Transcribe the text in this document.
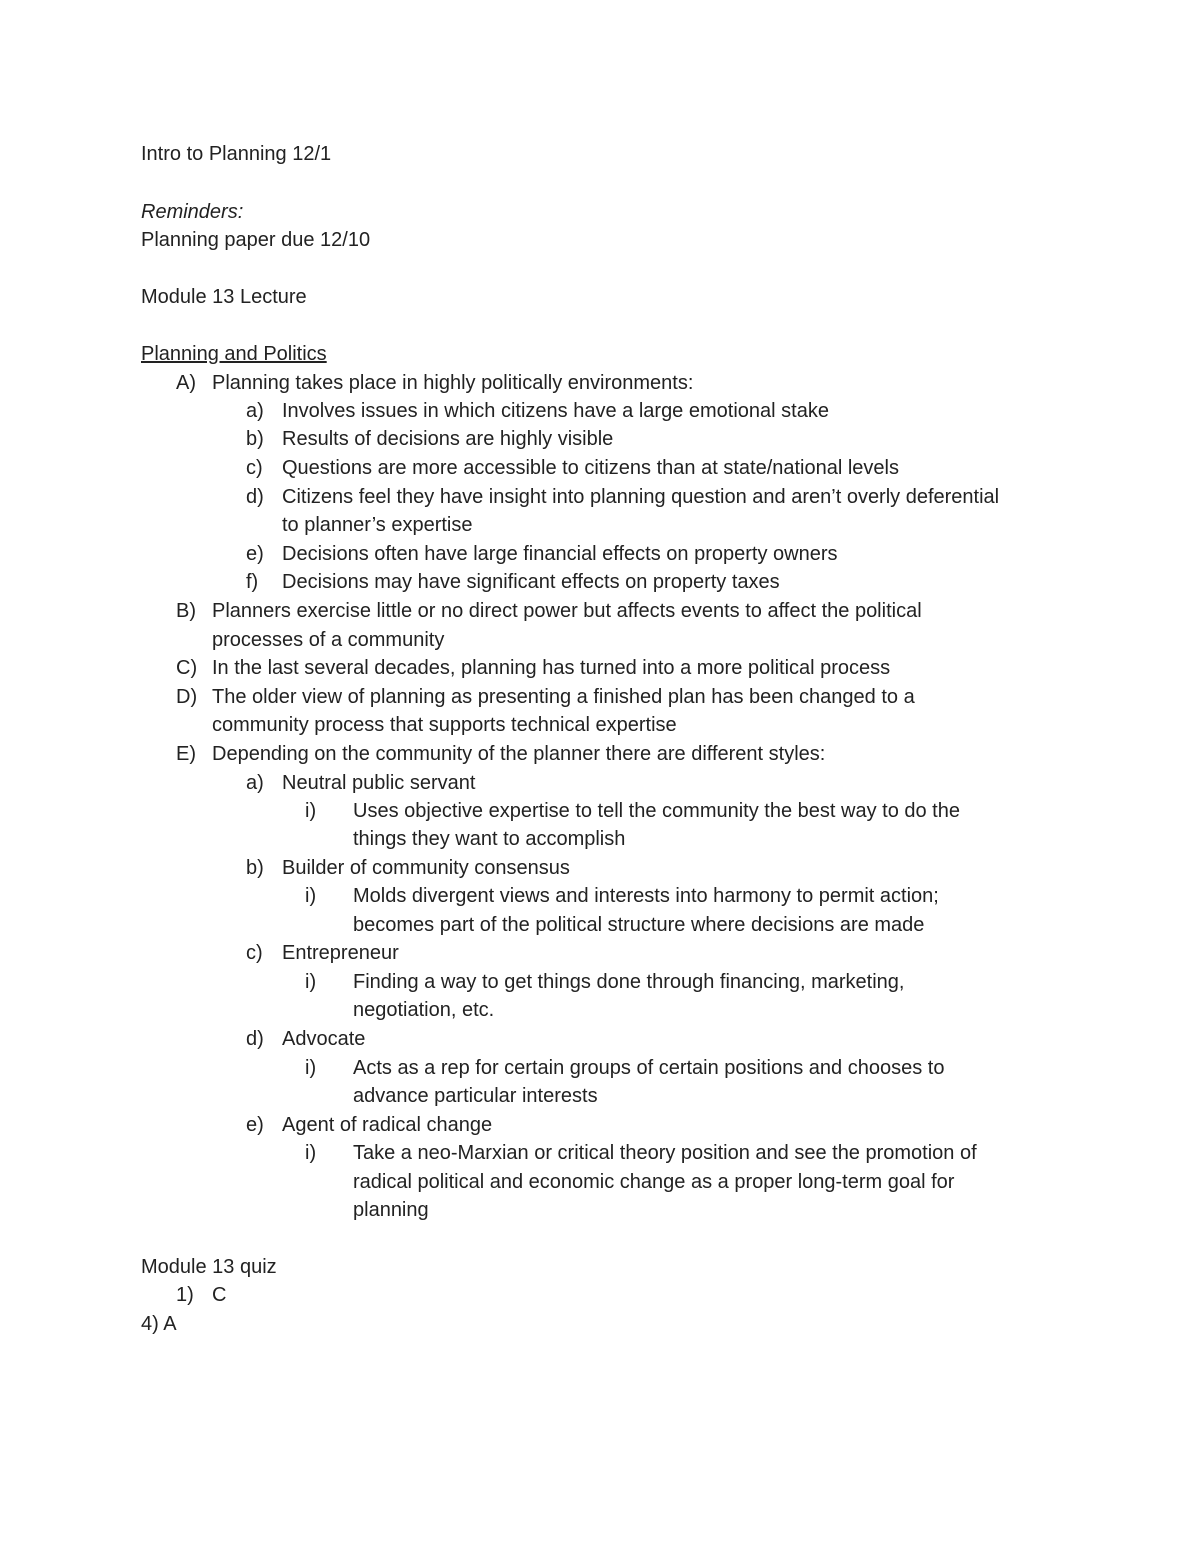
Intro to Planning 12/1
Reminders:
Planning paper due 12/10
Module 13 Lecture
Planning and Politics
A) Planning takes place in highly politically environments:
a) Involves issues in which citizens have a large emotional stake
b) Results of decisions are highly visible
c) Questions are more accessible to citizens than at state/national levels
d) Citizens feel they have insight into planning question and aren’t overly deferential
to planner’s expertise
e) Decisions often have large financial effects on property owners
f) Decisions may have significant effects on property taxes
B) Planners exercise little or no direct power but affects events to affect the political
processes of a community
C) In the last several decades, planning has turned into a more political process
D) The older view of planning as presenting a finished plan has been changed to a
community process that supports technical expertise
E) Depending on the community of the planner there are different styles:
a) Neutral public servant
i) Uses objective expertise to tell the community the best way to do the
things they want to accomplish
b) Builder of community consensus
i) Molds divergent views and interests into harmony to permit action;
becomes part of the political structure where decisions are made
c) Entrepreneur
i) Finding a way to get things done through financing, marketing,
negotiation, etc.
d) Advocate
i) Acts as a rep for certain groups of certain positions and chooses to
advance particular interests
e) Agent of radical change
i) Take a neo-Marxian or critical theory position and see the promotion of
radical political and economic change as a proper long-term goal for
planning
Module 13 quiz
1) C
4) A
